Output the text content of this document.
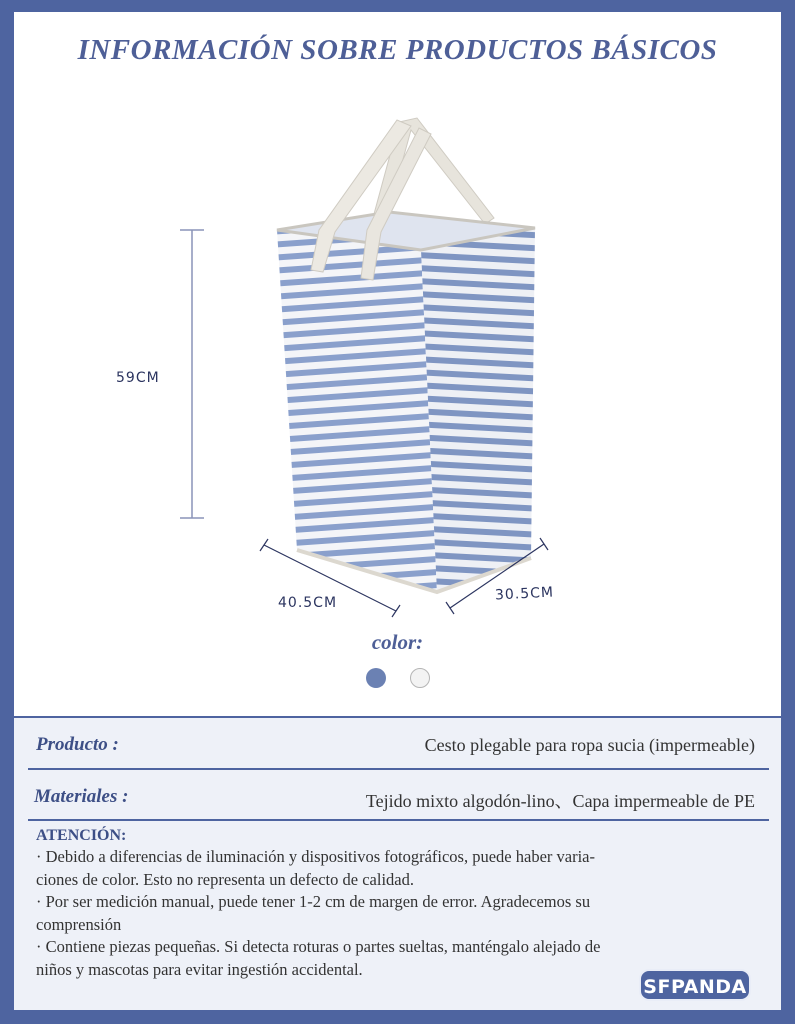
INFORMACIÓN SOBRE PRODUCTOS BÁSICOS
59CM
40.5CM	30.5CM
color:
Producto :	Cesto plegable para ropa sucia (impermeable)
Materiales :	Tejido mixto algodón-lino、Capa impermeable de PE
ATENCIÓN:
· Debido a diferencias de iluminación y dispositivos fotográficos, puede haber varia-
ciones de color. Esto no representa un defecto de calidad.
· Por ser medición manual, puede tener 1-2 cm de margen de error. Agradecemos su
comprensión
· Contiene piezas pequeñas. Si detecta roturas o partes sueltas, manténgalo alejado de
niños y mascotas para evitar ingestión accidental.
SFPANDA
